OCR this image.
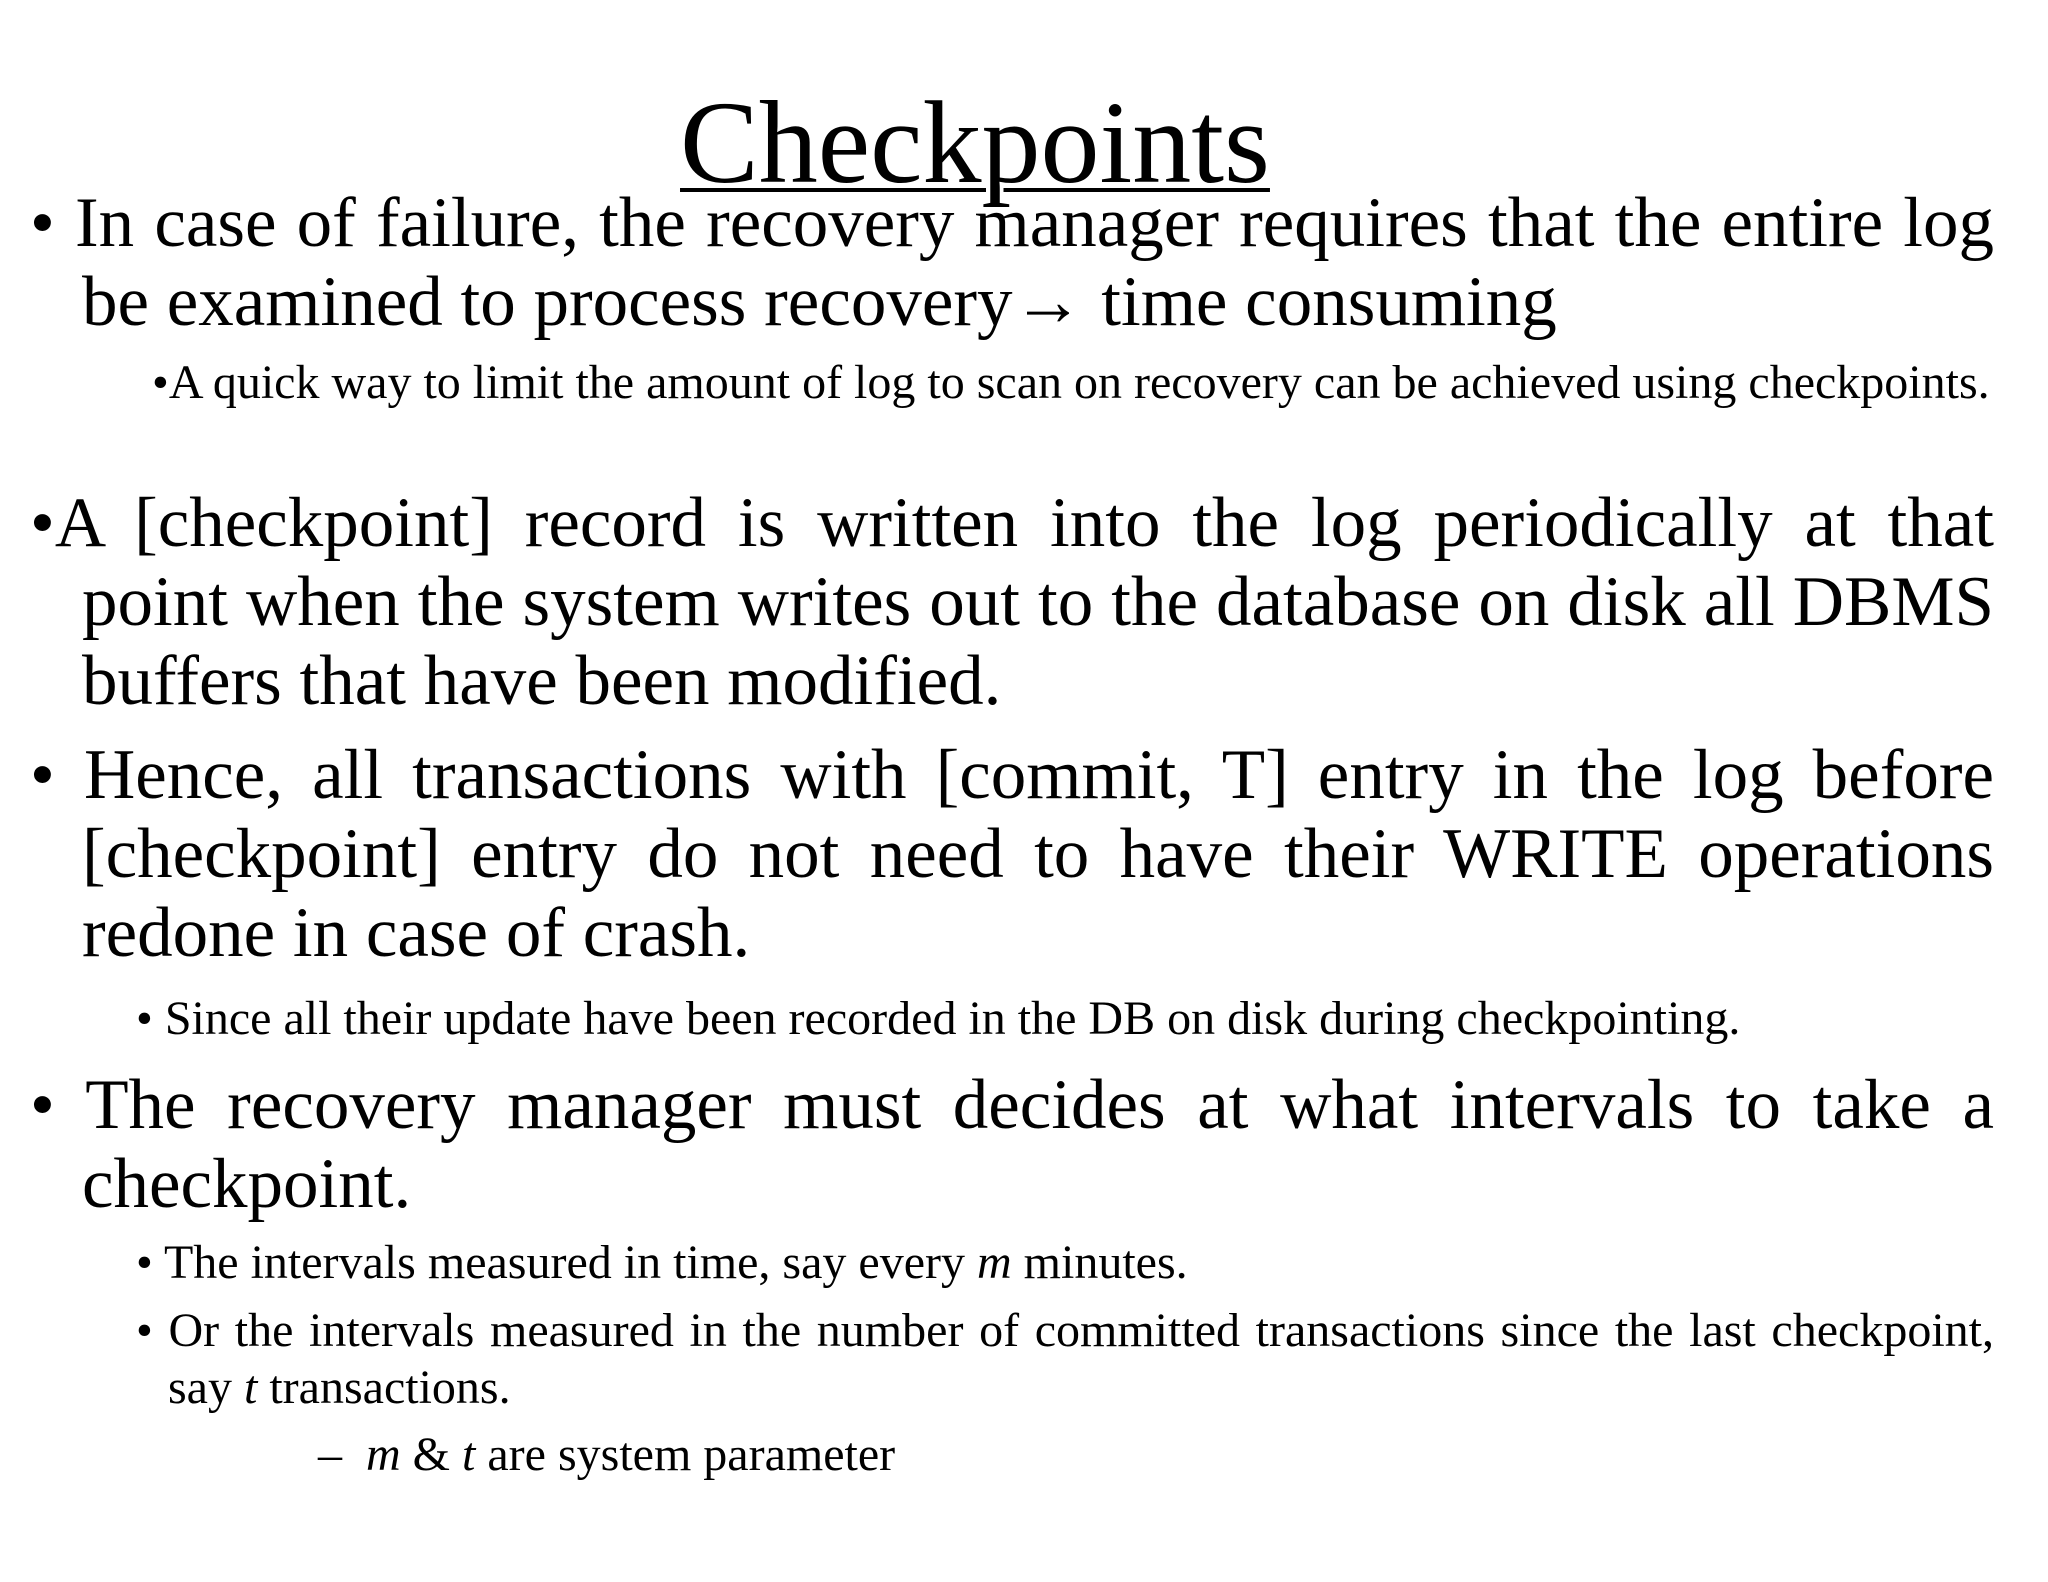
Checkpoints
• In case of failure, the recovery manager requires that the entire log be examined to process recovery→ time consuming
•A quick way to limit the amount of log to scan on recovery can be achieved using checkpoints.
•A [checkpoint] record is written into the log periodically at that point when the system writes out to the database on disk all DBMS buffers that have been modified.
• Hence, all transactions with [commit, T] entry in the log before [checkpoint] entry do not need to have their WRITE operations redone in case of crash.
• Since all their update have been recorded in the DB on disk during checkpointing.
• The recovery manager must decides at what intervals to take a checkpoint.
• The intervals measured in time, say every m minutes.
• Or the intervals measured in the number of committed transactions since the last checkpoint, say t transactions.
– m & t are system parameter
